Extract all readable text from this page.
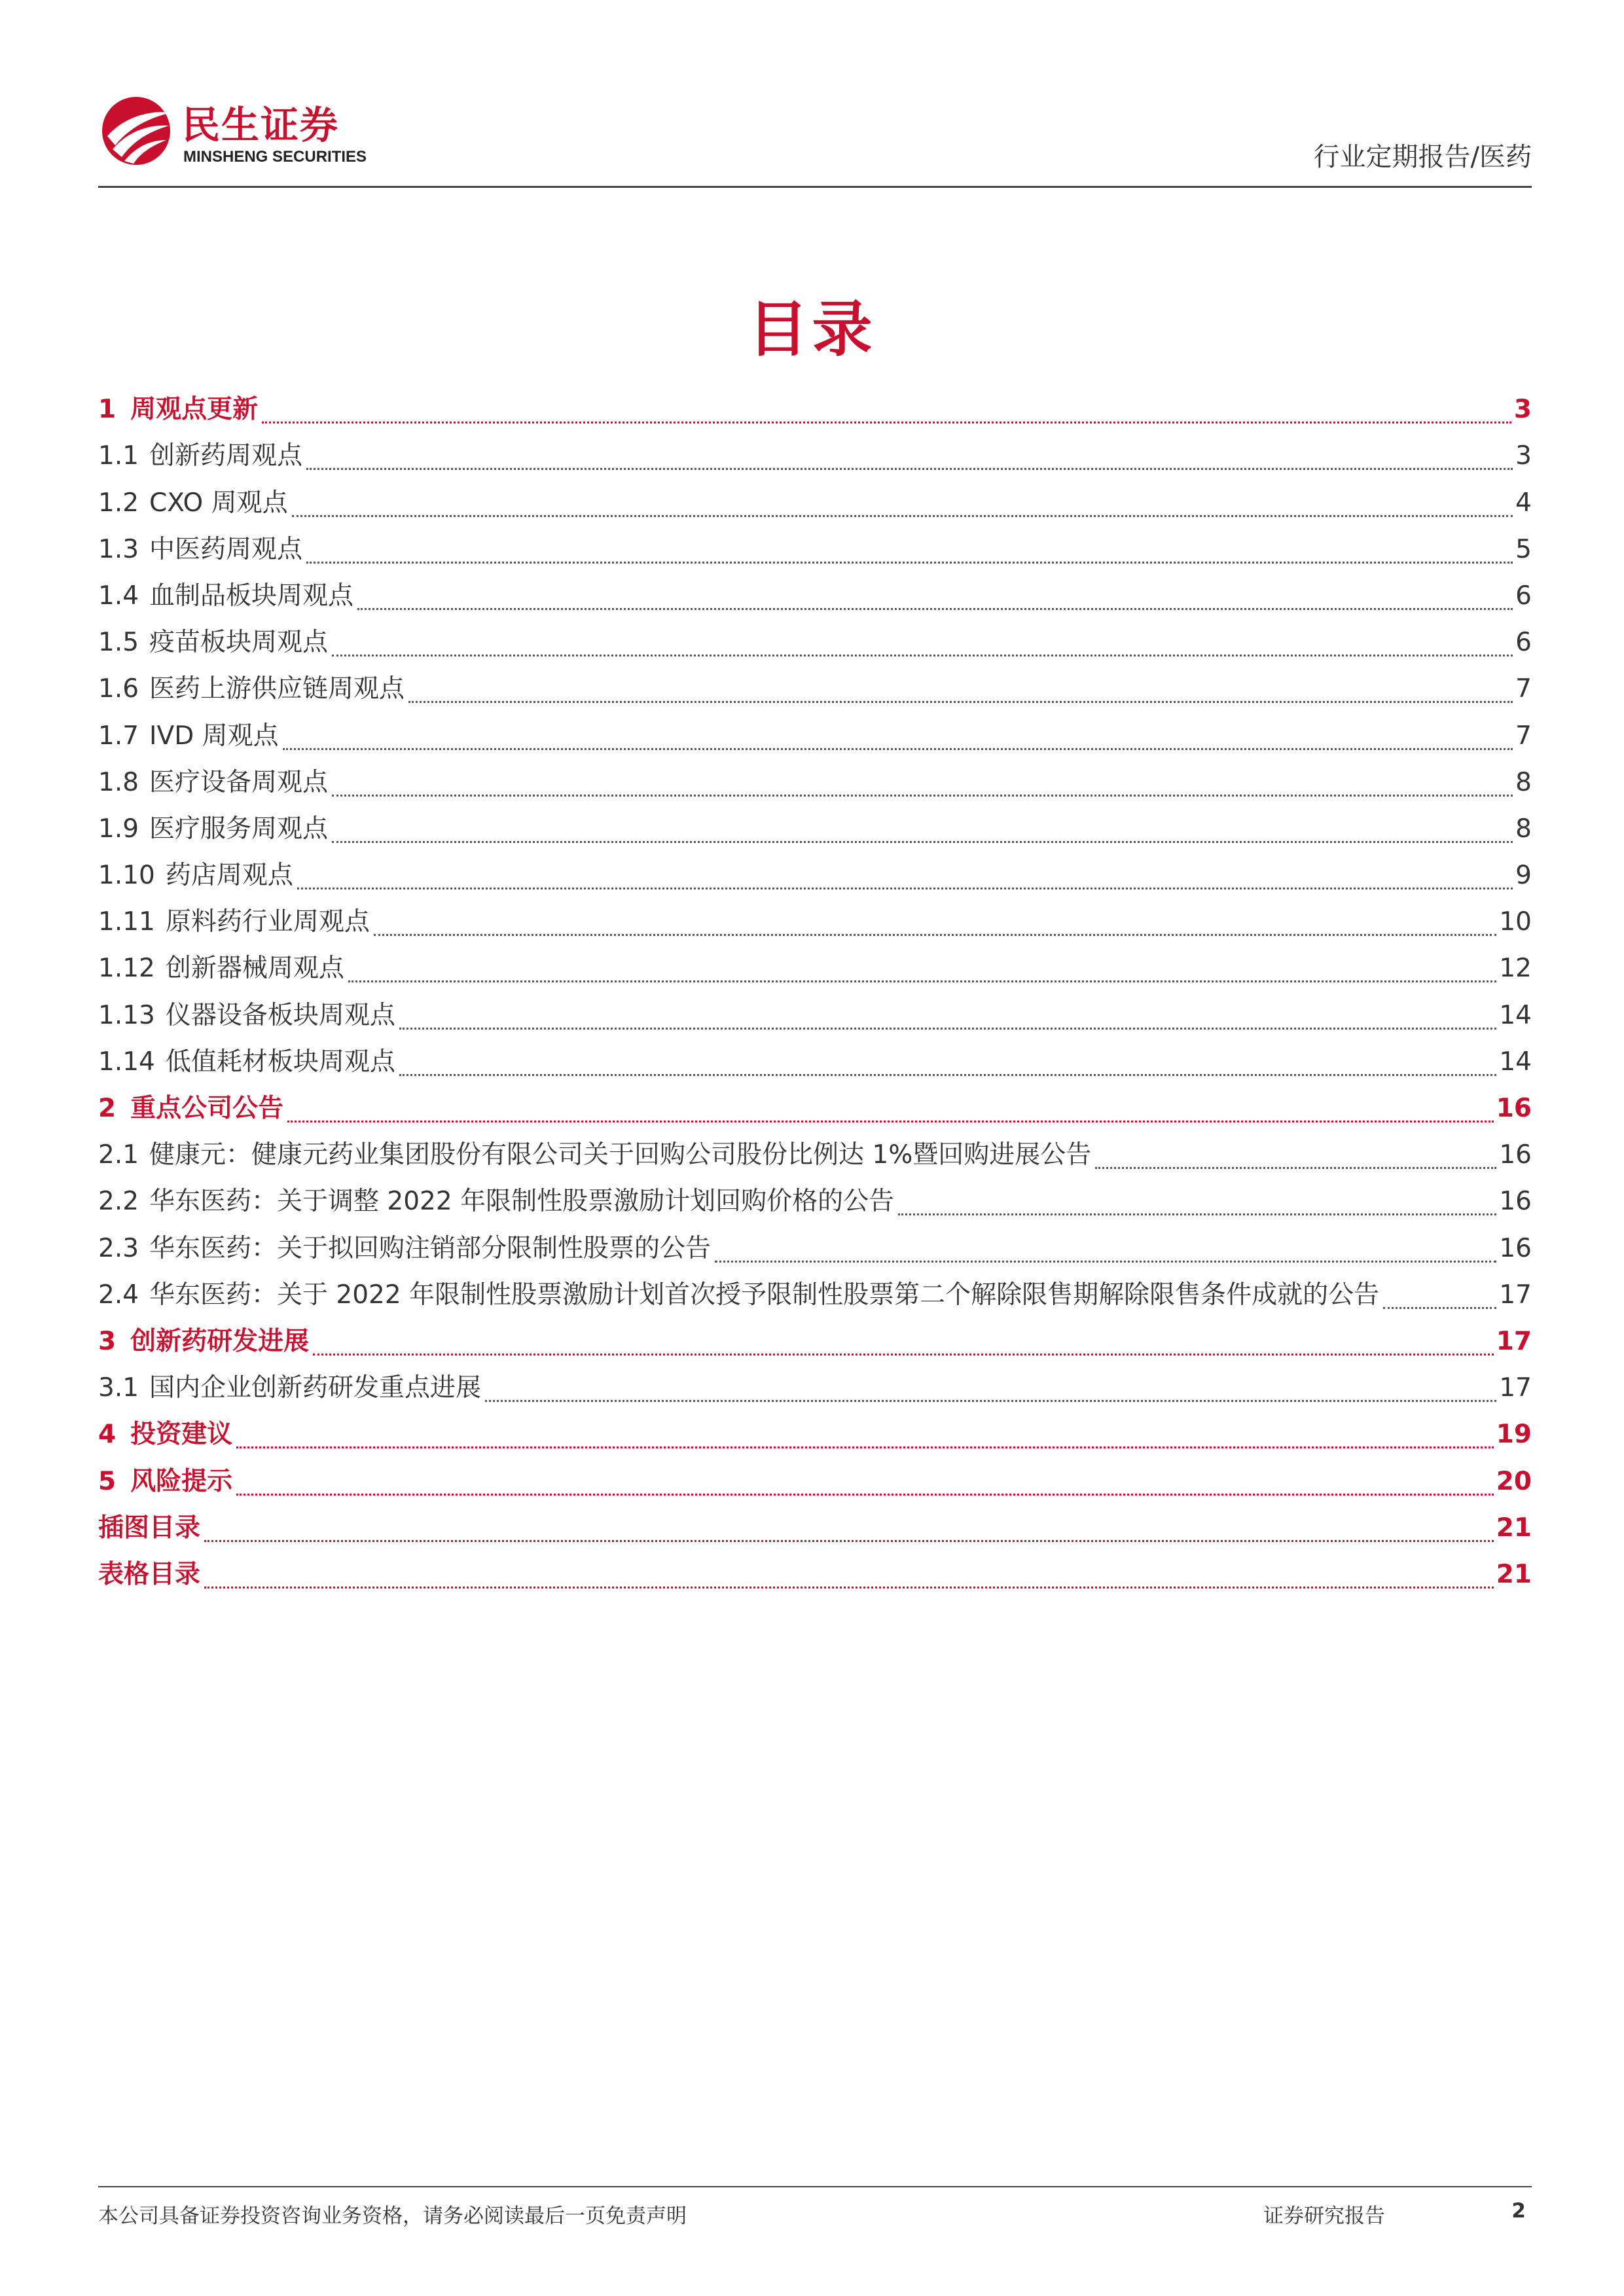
民生证券
MINSHENG SECURITIES	行业定期报告/医药
目录
1 周观点更新	3
1.1 创新药周观点	3
1.2 CXO 周观点	4
1.3 中医药周观点	5
1.4 血制品板块周观点	6
1.5 疫苗板块周观点	6
1.6 医药上游供应链周观点	7
1.7 IVD 周观点	7
1.8 医疗设备周观点	8
1.9 医疗服务周观点	8
1.10 药店周观点	9
1.11 原料药行业周观点	10
1.12 创新器械周观点	12
1.13 仪器设备板块周观点	14
1.14 低值耗材板块周观点	14
2 重点公司公告	16
2.1 健康元：健康元药业集团股份有限公司关于回购公司股份比例达 1%暨回购进展公告	16
2.2 华东医药：关于调整 2022 年限制性股票激励计划回购价格的公告	16
2.3 华东医药：关于拟回购注销部分限制性股票的公告	16
2.4 华东医药：关于 2022 年限制性股票激励计划首次授予限制性股票第二个解除限售期解除限售条件成就的公告	17
3 创新药研发进展	17
3.1 国内企业创新药研发重点进展	17
4 投资建议	19
5 风险提示	20
插图目录	21
表格目录	21
本公司具备证券投资咨询业务资格，请务必阅读最后一页免责声明	证券研究报告	2
